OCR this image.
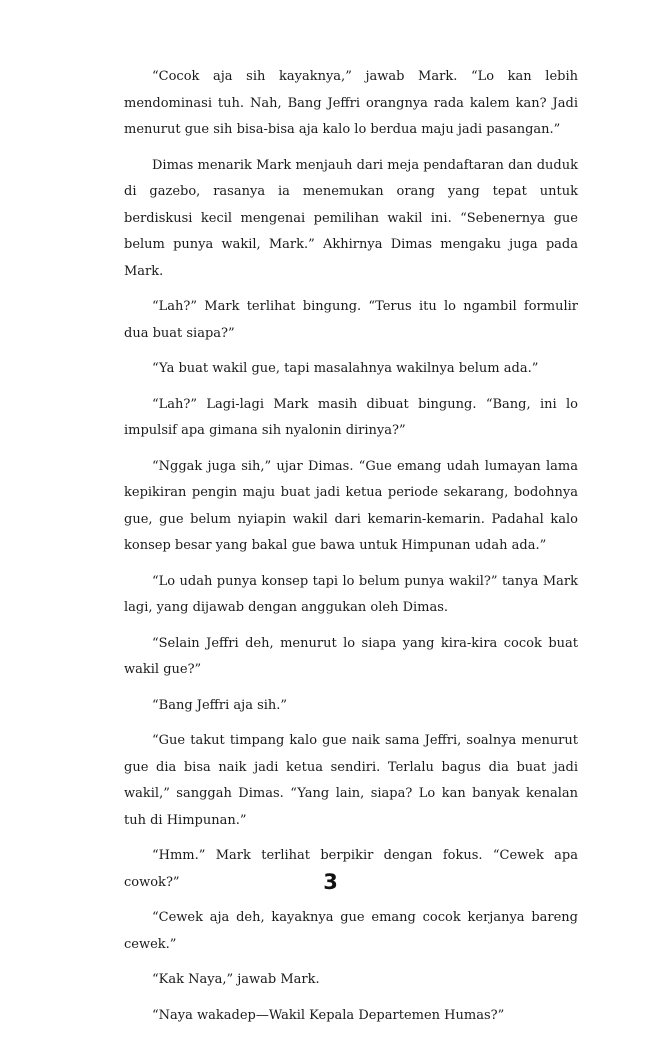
“Cocok aja sih kayaknya,” jawab Mark. “Lo kan lebih mendominasi tuh. Nah, Bang Jeffri orangnya rada kalem kan? Jadi menurut gue sih bisa-bisa aja kalo lo berdua maju jadi pasangan.”

Dimas menarik Mark menjauh dari meja pendaftaran dan duduk di gazebo, rasanya ia menemukan orang yang tepat untuk berdiskusi kecil mengenai pemilihan wakil ini. “Sebenernya gue belum punya wakil, Mark.” Akhirnya Dimas mengaku juga pada Mark.

“Lah?” Mark terlihat bingung. “Terus itu lo ngambil formulir dua buat siapa?”

“Ya buat wakil gue, tapi masalahnya wakilnya belum ada.”

“Lah?” Lagi-lagi Mark masih dibuat bingung. “Bang, ini lo impulsif apa gimana sih nyalonin dirinya?”

“Nggak juga sih,” ujar Dimas. “Gue emang udah lumayan lama kepikiran pengin maju buat jadi ketua periode sekarang, bodohnya gue, gue belum nyiapin wakil dari kemarin-kemarin. Padahal kalo konsep besar yang bakal gue bawa untuk Himpunan udah ada.”

“Lo udah punya konsep tapi lo belum punya wakil?” tanya Mark lagi, yang dijawab dengan anggukan oleh Dimas.

“Selain Jeffri deh, menurut lo siapa yang kira-kira cocok buat wakil gue?”

“Bang Jeffri aja sih.”

“Gue takut timpang kalo gue naik sama Jeffri, soalnya menurut gue dia bisa naik jadi ketua sendiri. Terlalu bagus dia buat jadi wakil,” sanggah Dimas. “Yang lain, siapa? Lo kan banyak kenalan tuh di Himpunan.”

“Hmm.” Mark terlihat berpikir dengan fokus. “Cewek apa cowok?”

“Cewek aja deh, kayaknya gue emang cocok kerjanya bareng cewek.”

“Kak Naya,” jawab Mark.

“Naya wakadep—Wakil Kepala Departemen Humas?”

3
